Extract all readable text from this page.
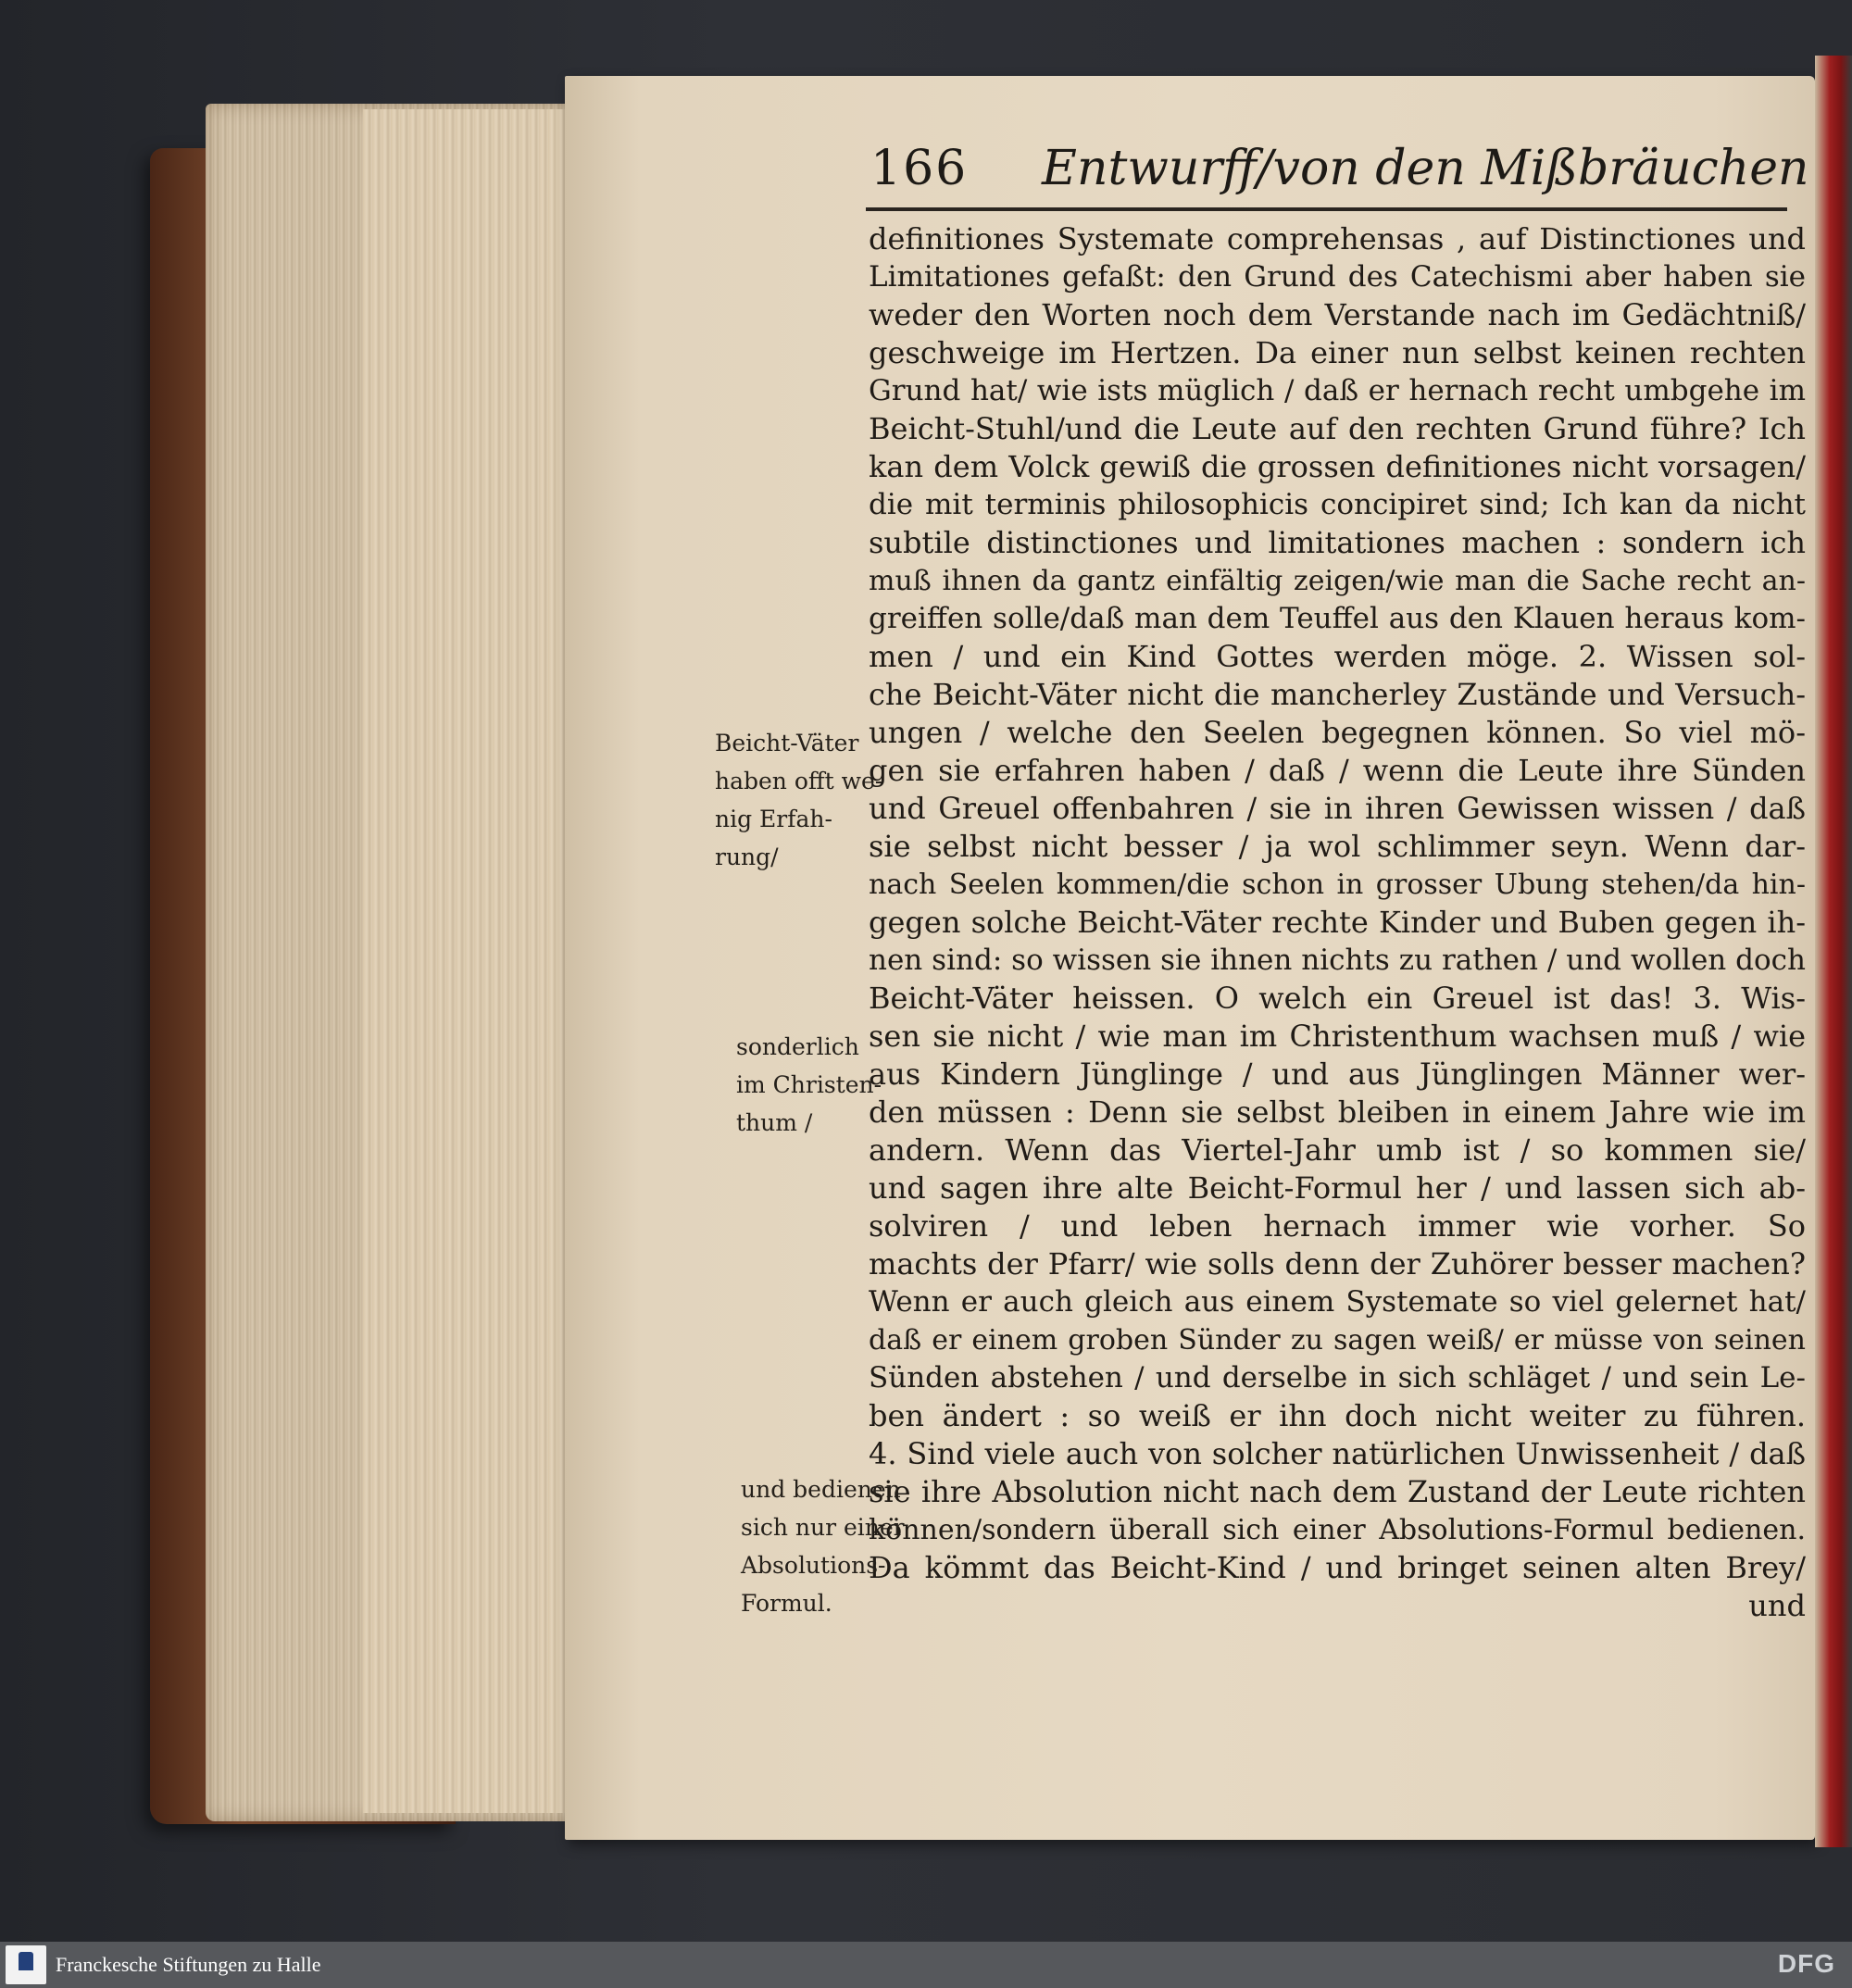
166 Entwurff/von den Mißbräuchen
definitiones Systemate comprehensas , auf Distinctiones und
Limitationes gefaßt: den Grund des Catechismi aber haben sie
weder den Worten noch dem Verstande nach im Gedächtniß/
geschweige im Hertzen. Da einer nun selbst keinen rechten
Grund hat/ wie ists müglich / daß er hernach recht umbgehe im
Beicht-Stuhl/und die Leute auf den rechten Grund führe? Ich
kan dem Volck gewiß die grossen definitiones nicht vorsagen/
die mit terminis philosophicis concipiret sind; Ich kan da nicht
subtile distinctiones und limitationes machen : sondern ich
muß ihnen da gantz einfältig zeigen/wie man die Sache recht an-
greiffen solle/daß man dem Teuffel aus den Klauen heraus kom-
men / und ein Kind Gottes werden möge. 2. Wissen sol-
che Beicht-Väter nicht die mancherley Zustände und Versuch-
ungen / welche den Seelen begegnen können. So viel mö-
gen sie erfahren haben / daß / wenn die Leute ihre Sünden
und Greuel offenbahren / sie in ihren Gewissen wissen / daß
sie selbst nicht besser / ja wol schlimmer seyn. Wenn dar-
nach Seelen kommen/die schon in grosser Ubung stehen/da hin-
gegen solche Beicht-Väter rechte Kinder und Buben gegen ih-
nen sind: so wissen sie ihnen nichts zu rathen / und wollen doch
Beicht-Väter heissen. O welch ein Greuel ist das! 3. Wis-
sen sie nicht / wie man im Christenthum wachsen muß / wie
aus Kindern Jünglinge / und aus Jünglingen Männer wer-
den müssen : Denn sie selbst bleiben in einem Jahre wie im
andern. Wenn das Viertel-Jahr umb ist / so kommen sie/
und sagen ihre alte Beicht-Formul her / und lassen sich ab-
solviren / und leben hernach immer wie vorher. So
machts der Pfarr/ wie solls denn der Zuhörer besser machen?
Wenn er auch gleich aus einem Systemate so viel gelernet hat/
daß er einem groben Sünder zu sagen weiß/ er müsse von seinen
Sünden abstehen / und derselbe in sich schläget / und sein Le-
ben ändert : so weiß er ihn doch nicht weiter zu führen.
4. Sind viele auch von solcher natürlichen Unwissenheit / daß
sie ihre Absolution nicht nach dem Zustand der Leute richten
können/sondern überall sich einer Absolutions-Formul bedienen.
Da kömmt das Beicht-Kind / und bringet seinen alten Brey/
und
Beicht-Väter
haben offt we-
nig Erfah-
rung/
sonderlich
im Christen-
thum /
und bedienen
sich nur einer
Absolutions-
Formul.
Franckesche Stiftungen zu Halle	DFG
